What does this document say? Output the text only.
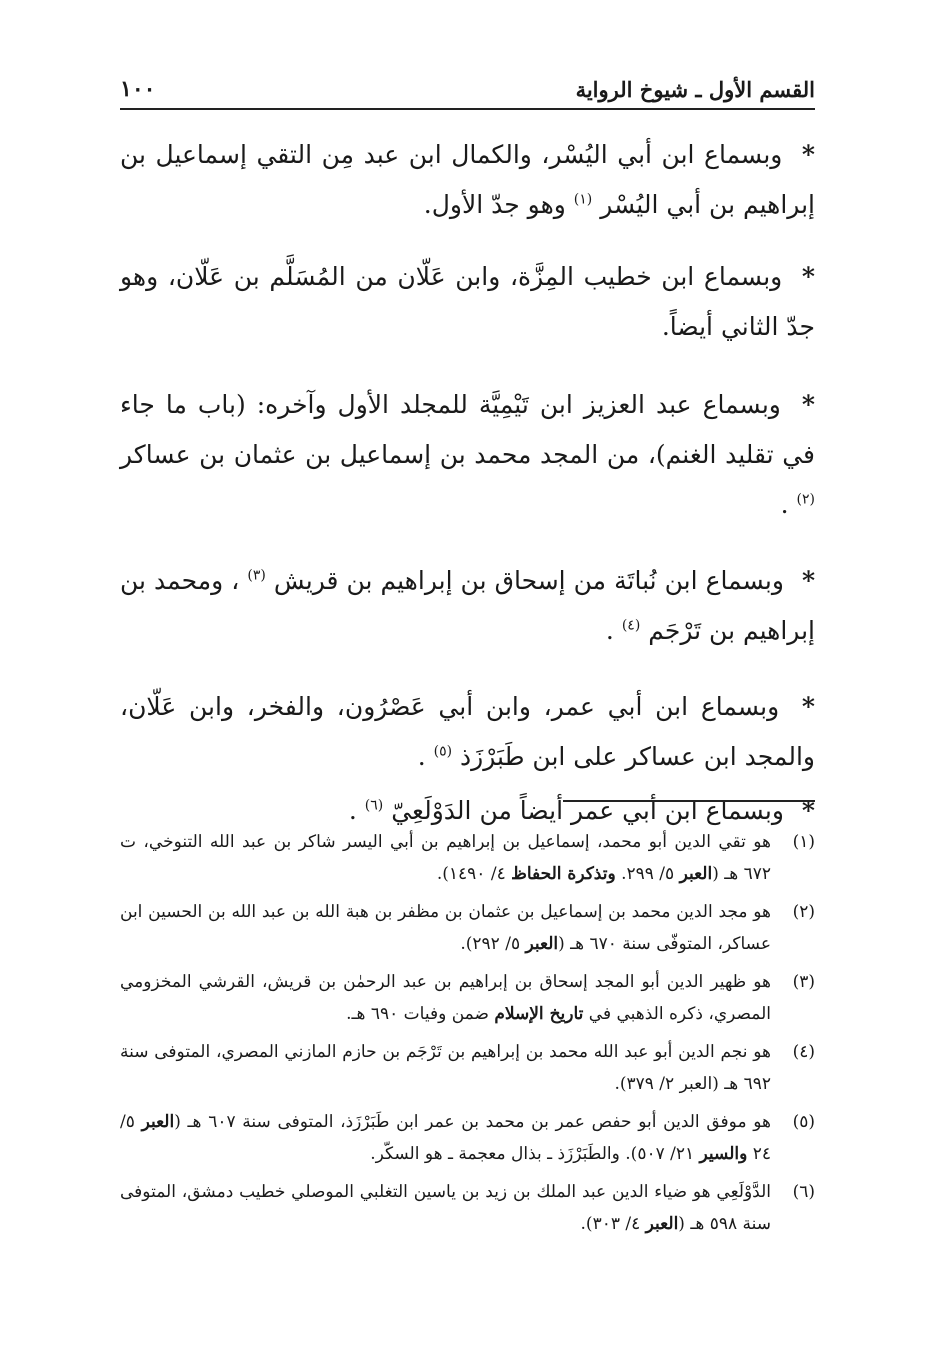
القسم الأول ـ شيوخ الرواية
١٠٠

* وبسماع ابن أبي اليُسْر، والكمال ابن عبد مِن التقي إسماعيل بن إبراهيم بن أبي اليُسْر $^{(١)}$ وهو جدّ الأول.

* وبسماع ابن خطيب المِزَّة، وابن عَلّان من المُسَلَّم بن عَلّان، وهو جدّ الثاني أيضاً.

* وبسماع عبد العزيز ابن تَيْمِيَّة للمجلد الأول وآخره: (باب ما جاء في تقليد الغنم)، من المجد محمد بن إسماعيل بن عثمان بن عساكر $^{(٢)}$ .

* وبسماع ابن نُباتَة من إسحاق بن إبراهيم بن قريش $^{(٣)}$ ، ومحمد بن إبراهيم بن تَرْجَم $^{(٤)}$ .

* وبسماع ابن أبي عمر، وابن أبي عَصْرُون، والفخر، وابن عَلّان، والمجد ابن عساكر على ابن طَبَرْزَذ $^{(٥)}$ .

* وبسماع ابن أبي عمر أيضاً من الدَوْلَعِيّ $^{(٦)}$ .

(١)
هو تقي الدين أبو محمد، إسماعيل بن إبراهيم بن أبي اليسر شاكر بن عبد الله التنوخي، ت ٦٧٢ هـ (العبر ٥/ ٢٩٩. وتذكرة الحفاظ ٤/ ١٤٩٠).
(٢)
هو مجد الدين محمد بن إسماعيل بن عثمان بن مظفر بن هبة الله بن عبد الله بن الحسين ابن عساكر، المتوفّى سنة ٦٧٠ هـ (العبر ٥/ ٢٩٢).
(٣)
هو ظهير الدين أبو المجد إسحاق بن إبراهيم بن عبد الرحمٰن بن قريش، القرشي المخزومي المصري، ذكره الذهبي في تاريخ الإسلام ضمن وفيات ٦٩٠ هـ.
(٤)
هو نجم الدين أبو عبد الله محمد بن إبراهيم بن تَرْجَم بن حازم المازني المصري، المتوفى سنة ٦٩٢ هـ (العبر ٢/ ٣٧٩).
(٥)
هو موفق الدين أبو حفص عمر بن محمد بن عمر ابن طَبَرْزَذ، المتوفى سنة ٦٠٧ هـ (العبر ٥/ ٢٤ والسير ٢١/ ٥٠٧). والطَبَرْزَذ ـ بذال معجمة ـ هو السكّر.
(٦)
الدَّوْلَعِي هو ضياء الدين عبد الملك بن زيد بن ياسين التغلبي الموصلي خطيب دمشق، المتوفى سنة ٥٩٨ هـ (العبر ٤/ ٣٠٣).
